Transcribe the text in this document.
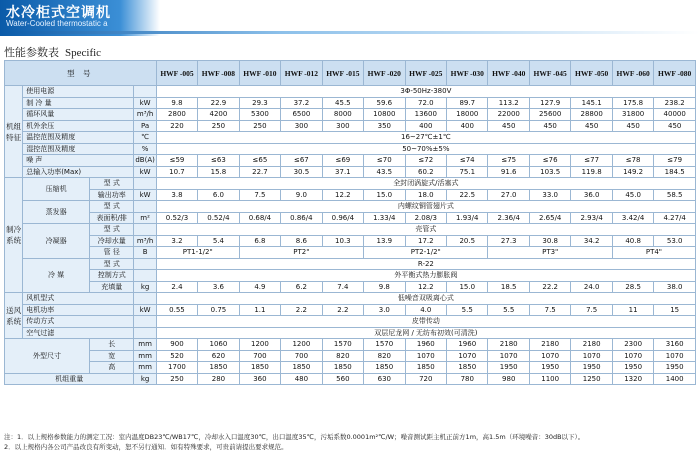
水冷柜式空调机
Water-Cooled thermostatic a
性能参数表 Specific
型 号				HWF -005	HWF -008	HWF -010	HWF -012	HWF -015	HWF -020	HWF -025	HWF -030	HWF -040	HWF -045	HWF -050	HWF -060	HWF -080
机组特征	使用电源			3Φ-50Hz-380V												
	制 冷 量		kW	9.8	22.9	29.3	37.2	45.5	59.6	72.0	89.7	113.2	127.9	145.1	175.8	238.2
	循环风量		m³/h	2800	4200	5300	6500	8000	10800	13600	18000	22000	25600	28800	31800	40000
	机外余压		Pa	220	250	250	300	300	350	400	400	450	450	450	450	450
	温控范围及精度		℃	16~27℃±1℃												
	湿控范围及精度		%	50~70%±5%												
	噪 声		dB(A)	≤59	≤63	≤65	≤67	≤69	≤70	≤72	≤74	≤75	≤76	≤77	≤78	≤79
	总输入功率(Max)		kW	10.7	15.8	22.7	30.5	37.1	43.5	60.2	75.1	91.6	103.5	119.8	149.2	184.5
制冷系统	压缩机	型 式		全封闭涡旋式/活塞式												
		输出功率	kW	3.8	6.0	7.5	9.0	12.2	15.0	18.0	22.5	27.0	33.0	36.0	45.0	58.5
	蒸发器	型 式		内螺纹铜管翅片式												
		表面积/排	m²	0.52/3	0.52/4	0.68/4	0.86/4	0.96/4	1.33/4	2.08/3	1.93/4	2.36/4	2.65/4	2.93/4	3.42/4	4.27/4
	冷凝器	型 式		壳管式												
		冷却水量	m³/h	3.2	5.4	6.8	8.6	10.3	13.9	17.2	20.5	27.3	30.8	34.2	40.8	53.0
		管 径	B	PT1-1/2"		PT2"			PT2-1/2"			PT3"			PT4"	
	冷 媒	型 式		R-22												
		控制方式		外平衡式热力膨胀阀												
		充填量	kg	2.4	3.6	4.9	6.2	7.4	9.8	12.2	15.0	18.5	22.2	24.0	28.5	38.0
送风系统	风机型式			低噪音双吸离心式												
	电机功率		kW	0.55	0.75	1.1	2.2	2.2	3.0	4.0	5.5	5.5	7.5	7.5	11	15
	传动方式			皮带传动												
	空气过滤			双层尼龙网 / 无纺布初效(可清洗)												
外型尺寸		长	mm	900	1060	1200	1200	1570	1570	1960	1960	2180	2180	2180	2300	3160
		宽	mm	520	620	700	700	820	820	1070	1070	1070	1070	1070	1070	1070
		高	mm	1700	1850	1850	1850	1850	1850	1850	1850	1950	1950	1950	1950	1950
机组重量			kg	250	280	360	480	560	630	720	780	980	1100	1250	1320	1400
注：1．以上规格参数能力的测定工况：室内温度DB23℃/WB17℃，冷却水入口温度30℃，出口温度35℃，污垢系数0.0001m²℃/W；噪音测试距主机正前方1m，高1.5m（环境噪音：30dB以下）。
2．以上规格内各公司产品改良有所变动，恕不另行通知．如有特殊要求，可贵前请提出要求规范。
